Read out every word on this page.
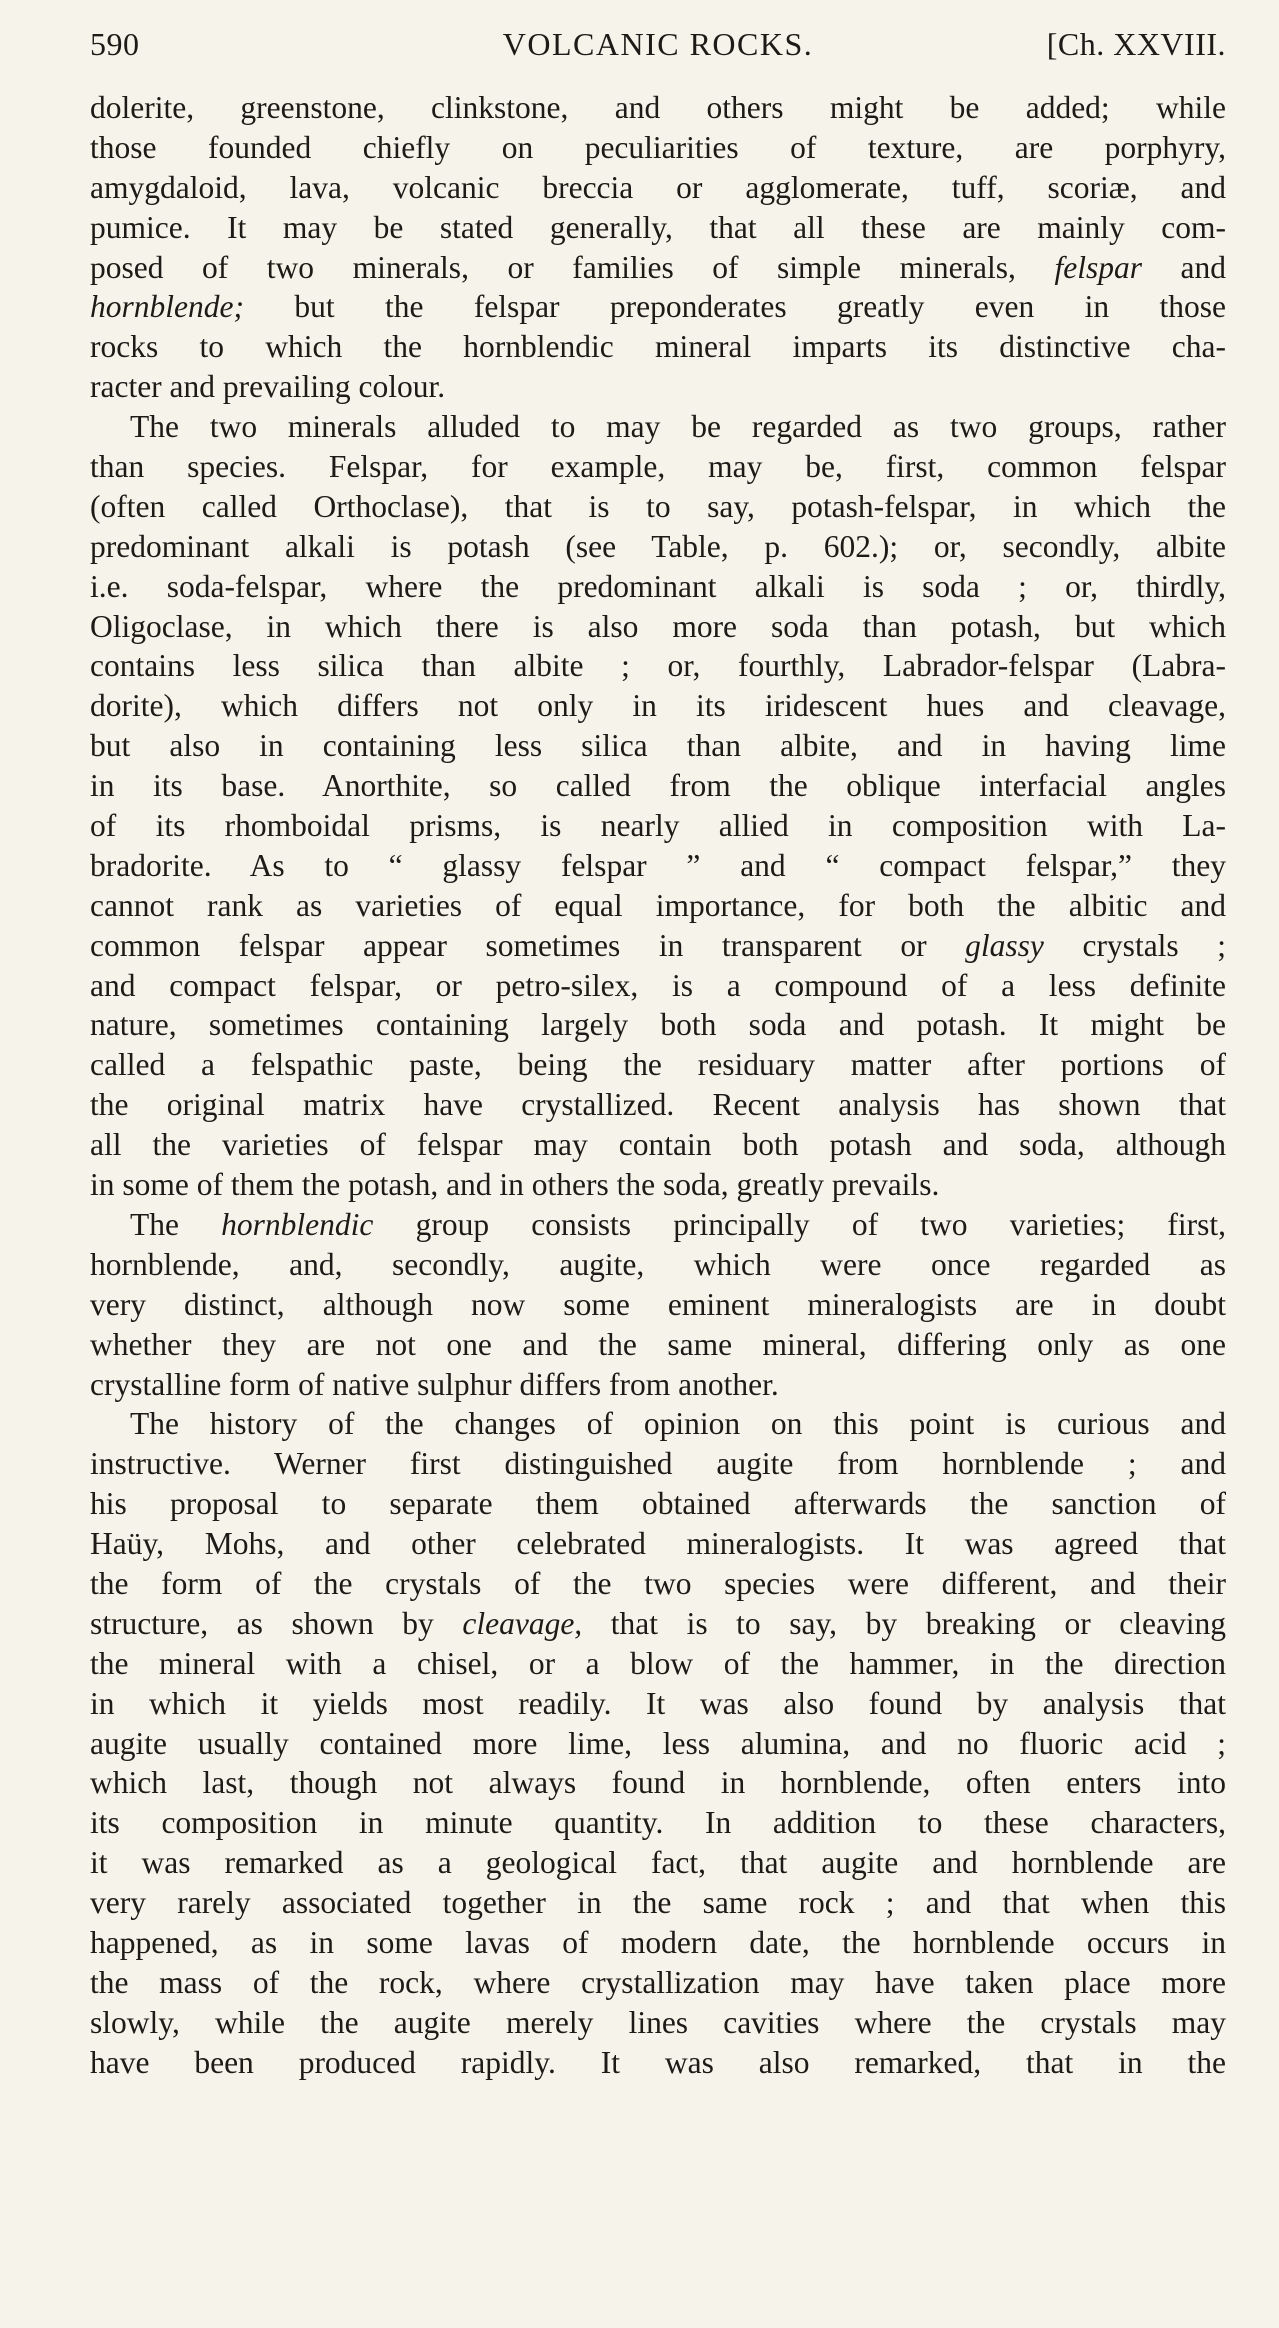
590	VOLCANIC ROCKS.	[Ch. XXVIII.
dolerite, greenstone, clinkstone, and others might be added; while
those founded chiefly on peculiarities of texture, are porphyry,
amygdaloid, lava, volcanic breccia or agglomerate, tuff, scoriæ, and
pumice. It may be stated generally, that all these are mainly com-
posed of two minerals, or families of simple minerals, felspar and
hornblende; but the felspar preponderates greatly even in those
rocks to which the hornblendic mineral imparts its distinctive cha-
racter and prevailing colour.
The two minerals alluded to may be regarded as two groups, rather
than species. Felspar, for example, may be, first, common felspar
(often called Orthoclase), that is to say, potash-felspar, in which the
predominant alkali is potash (see Table, p. 602.); or, secondly, albite
i.e. soda-felspar, where the predominant alkali is soda ; or, thirdly,
Oligoclase, in which there is also more soda than potash, but which
contains less silica than albite ; or, fourthly, Labrador-felspar (Labra-
dorite), which differs not only in its iridescent hues and cleavage,
but also in containing less silica than albite, and in having lime
in its base. Anorthite, so called from the oblique interfacial angles
of its rhomboidal prisms, is nearly allied in composition with La-
bradorite. As to “ glassy felspar ” and “ compact felspar,” they
cannot rank as varieties of equal importance, for both the albitic and
common felspar appear sometimes in transparent or glassy crystals ;
and compact felspar, or petro-silex, is a compound of a less definite
nature, sometimes containing largely both soda and potash. It might be
called a felspathic paste, being the residuary matter after portions of
the original matrix have crystallized. Recent analysis has shown that
all the varieties of felspar may contain both potash and soda, although
in some of them the potash, and in others the soda, greatly prevails.
The hornblendic group consists principally of two varieties; first,
hornblende, and, secondly, augite, which were once regarded as
very distinct, although now some eminent mineralogists are in doubt
whether they are not one and the same mineral, differing only as one
crystalline form of native sulphur differs from another.
The history of the changes of opinion on this point is curious and
instructive. Werner first distinguished augite from hornblende ; and
his proposal to separate them obtained afterwards the sanction of
Haüy, Mohs, and other celebrated mineralogists. It was agreed that
the form of the crystals of the two species were different, and their
structure, as shown by cleavage, that is to say, by breaking or cleaving
the mineral with a chisel, or a blow of the hammer, in the direction
in which it yields most readily. It was also found by analysis that
augite usually contained more lime, less alumina, and no fluoric acid ;
which last, though not always found in hornblende, often enters into
its composition in minute quantity. In addition to these characters,
it was remarked as a geological fact, that augite and hornblende are
very rarely associated together in the same rock ; and that when this
happened, as in some lavas of modern date, the hornblende occurs in
the mass of the rock, where crystallization may have taken place more
slowly, while the augite merely lines cavities where the crystals may
have been produced rapidly. It was also remarked, that in the
